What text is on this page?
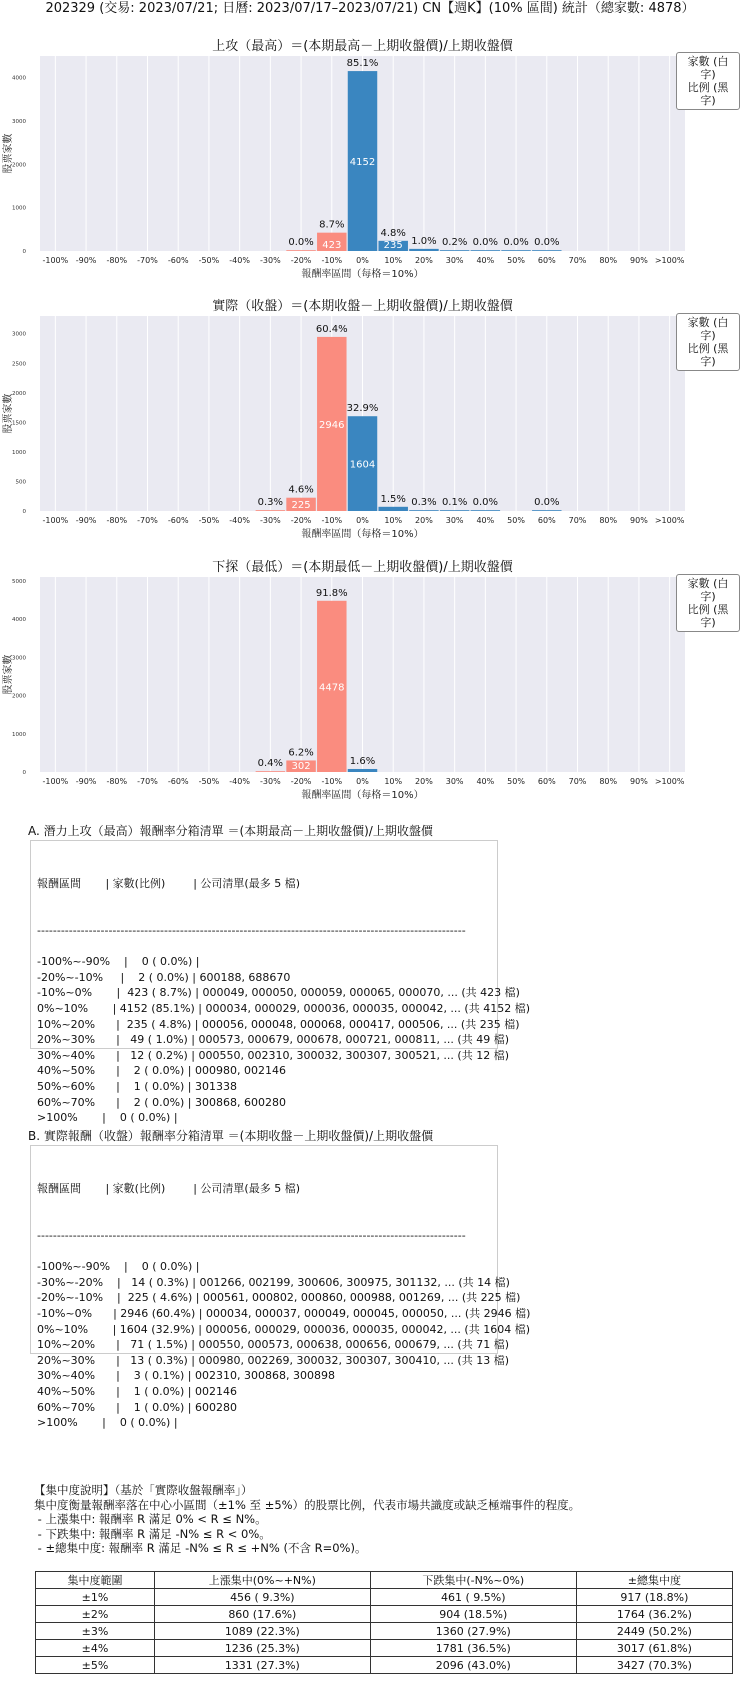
202329 (交易: 2023/07/21; 日曆: 2023/07/17–2023/07/21) CN【週K】(10% 區間) 統計（總家數: 4878）
上攻（最高）＝(本期最高－上期收盤價)/上期收盤價
0
1000
2000
3000
4000
-100% -90% -80% -70% -60% -50% -40% -30%
0.0%
-20%
8.7%
423
-10%
85.1%
4152
0%
4.8%
235
10%
1.0%
20%
0.2%
30%
0.0%
40%
0.0%
50%
0.0%
60% 70% 80% 90% >100%
報酬率區間（每格＝10%）
股票家數
家數 (白字)
比例 (黑字)
實際（收盤）＝(本期收盤－上期收盤價)/上期收盤價
0
500
1000
1500
2000
2500
3000
-100% -90% -80% -70% -60% -50% -40%
0.3%
-30%
4.6%
225
-20%
60.4%
2946
-10%
32.9%
1604
0%
1.5%
10%
0.3%
20%
0.1%
30%
0.0%
40% 50%
0.0%
60% 70% 80% 90% >100%
報酬率區間（每格＝10%）
股票家數
家數 (白字)
比例 (黑字)
下探（最低）＝(本期最低－上期收盤價)/上期收盤價
0
1000
2000
3000
4000
5000
-100% -90% -80% -70% -60% -50% -40%
0.4%
-30%
6.2%
302
-20%
91.8%
4478
-10%
1.6%
0% 10% 20% 30% 40% 50% 60% 70% 80% 90% >100%
報酬率區間（每格＝10%）
股票家數
家數 (白字)
比例 (黑字)
A. 潛力上攻（最高）報酬率分箱清單 ＝(本期最高－上期收盤價)/上期收盤價

報酬區間       | 家數(比例)        | 公司清單(最多 5 檔)

------------------------------------------------------------------------------------------------------------

-100%~-90%    |    0 ( 0.0%) |
-20%~-10%     |    2 ( 0.0%) | 600188, 688670
-10%~0%       |  423 ( 8.7%) | 000049, 000050, 000059, 000065, 000070, ... (共 423 檔)
0%~10%       | 4152 (85.1%) | 000034, 000029, 000036, 000035, 000042, ... (共 4152 檔)
10%~20%      |  235 ( 4.8%) | 000056, 000048, 000068, 000417, 000506, ... (共 235 檔)
20%~30%      |   49 ( 1.0%) | 000573, 000679, 000678, 000721, 000811, ... (共 49 檔)
30%~40%      |   12 ( 0.2%) | 000550, 002310, 300032, 300307, 300521, ... (共 12 檔)
40%~50%      |    2 ( 0.0%) | 000980, 002146
50%~60%      |    1 ( 0.0%) | 301338
60%~70%      |    2 ( 0.0%) | 300868, 600280
>100%       |    0 ( 0.0%) |
B. 實際報酬（收盤）報酬率分箱清單 ＝(本期收盤－上期收盤價)/上期收盤價

報酬區間       | 家數(比例)        | 公司清單(最多 5 檔)

------------------------------------------------------------------------------------------------------------

-100%~-90%    |    0 ( 0.0%) |
-30%~-20%    |   14 ( 0.3%) | 001266, 002199, 300606, 300975, 301132, ... (共 14 檔)
-20%~-10%    |  225 ( 4.6%) | 000561, 000802, 000860, 000988, 001269, ... (共 225 檔)
-10%~0%      | 2946 (60.4%) | 000034, 000037, 000049, 000045, 000050, ... (共 2946 檔)
0%~10%       | 1604 (32.9%) | 000056, 000029, 000036, 000035, 000042, ... (共 1604 檔)
10%~20%      |   71 ( 1.5%) | 000550, 000573, 000638, 000656, 000679, ... (共 71 檔)
20%~30%      |   13 ( 0.3%) | 000980, 002269, 300032, 300307, 300410, ... (共 13 檔)
30%~40%      |    3 ( 0.1%) | 002310, 300868, 300898
40%~50%      |    1 ( 0.0%) | 002146
60%~70%      |    1 ( 0.0%) | 600280
>100%       |    0 ( 0.0%) |
【集中度說明】（基於「實際收盤報酬率」）
集中度衡量報酬率落在中心小區間（±1% 至 ±5%）的股票比例，代表市場共識度或缺乏極端事件的程度。
- 上漲集中: 報酬率 R 滿足 0% < R ≤ N%。
- 下跌集中: 報酬率 R 滿足 -N% ≤ R < 0%。
- ±總集中度: 報酬率 R 滿足 -N% ≤ R ≤ +N% (不含 R=0%)。
集中度範圍	上漲集中(0%~+N%)	下跌集中(-N%~0%)	±總集中度
±1%	456 ( 9.3%)	461 ( 9.5%)	917 (18.8%)
±2%	860 (17.6%)	904 (18.5%)	1764 (36.2%)
±3%	1089 (22.3%)	1360 (27.9%)	2449 (50.2%)
±4%	1236 (25.3%)	1781 (36.5%)	3017 (61.8%)
±5%	1331 (27.3%)	2096 (43.0%)	3427 (70.3%)
